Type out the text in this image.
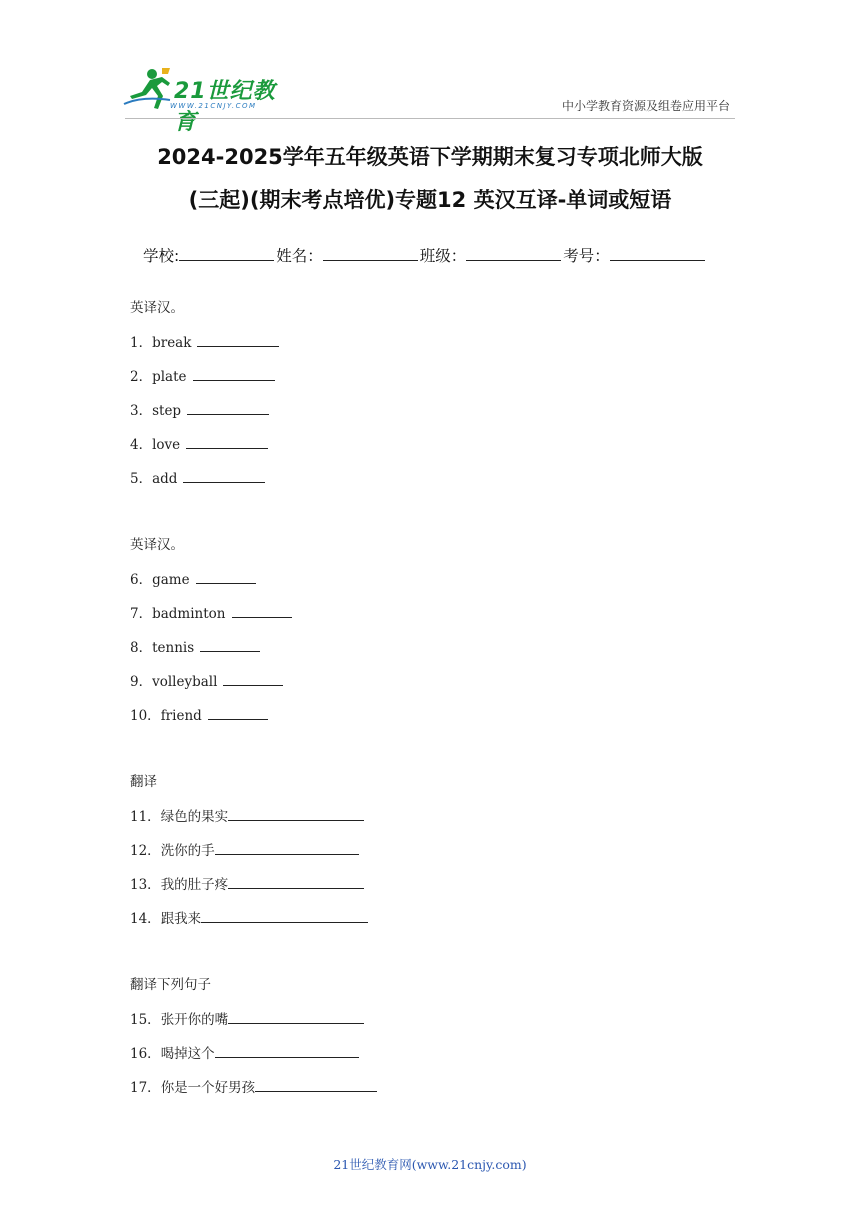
21世纪教育
WWW.21CNJY.COM	中小学教育资源及组卷应用平台
2024-2025学年五年级英语下学期期末复习专项北师大版
(三起)(期末考点培优)专题12 英汉互译-单词或短语
学校:	姓名：	班级：	考号：
英译汉。
1．break
2．plate
3．step
4．love
5．add
英译汉。
6．game
7．badminton
8．tennis
9．volleyball
10．friend
翻译
11．绿色的果实
12．洗你的手
13．我的肚子疼
14．跟我来
翻译下列句子
15．张开你的嘴
16．喝掉这个
17．你是一个好男孩
21世纪教育网(www.21cnjy.com)
